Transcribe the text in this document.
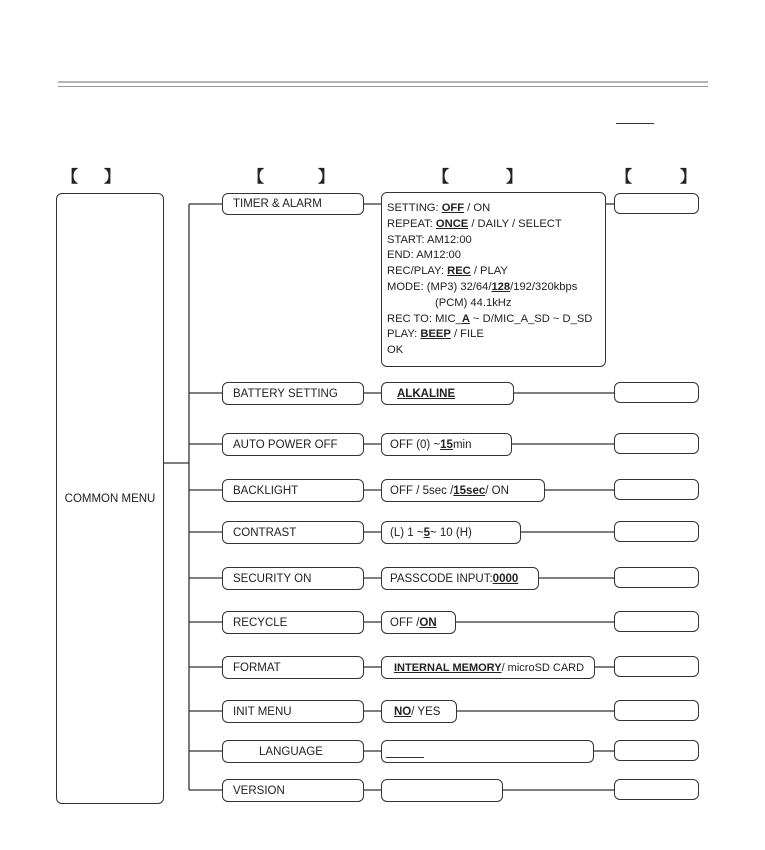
【 】	【	】	【	】	【	】
COMMON MENU
TIMER & ALARM
BATTERY SETTING
AUTO POWER OFF
BACKLIGHT
CONTRAST
SECURITY ON
RECYCLE
FORMAT
INIT MENU
LANGUAGE
VERSION
SETTING: OFF / ON
REPEAT: ONCE / DAILY / SELECT
START: AM12:00
END: AM12:00
REC/PLAY: REC / PLAY
MODE: (MP3) 32/64/128/192/320kbps
(PCM) 44.1kHz
REC TO: MIC_A ~ D/MIC_A_SD ~ D_SD
PLAY: BEEP / FILE
OK
ALKALINE
OFF (0) ~ 15 min
OFF / 5sec / 15sec / ON
(L) 1 ~ 5 ~ 10 (H)
PASSCODE INPUT: 0000
OFF / ON
INTERNAL MEMORY / microSD CARD
NO / YES
